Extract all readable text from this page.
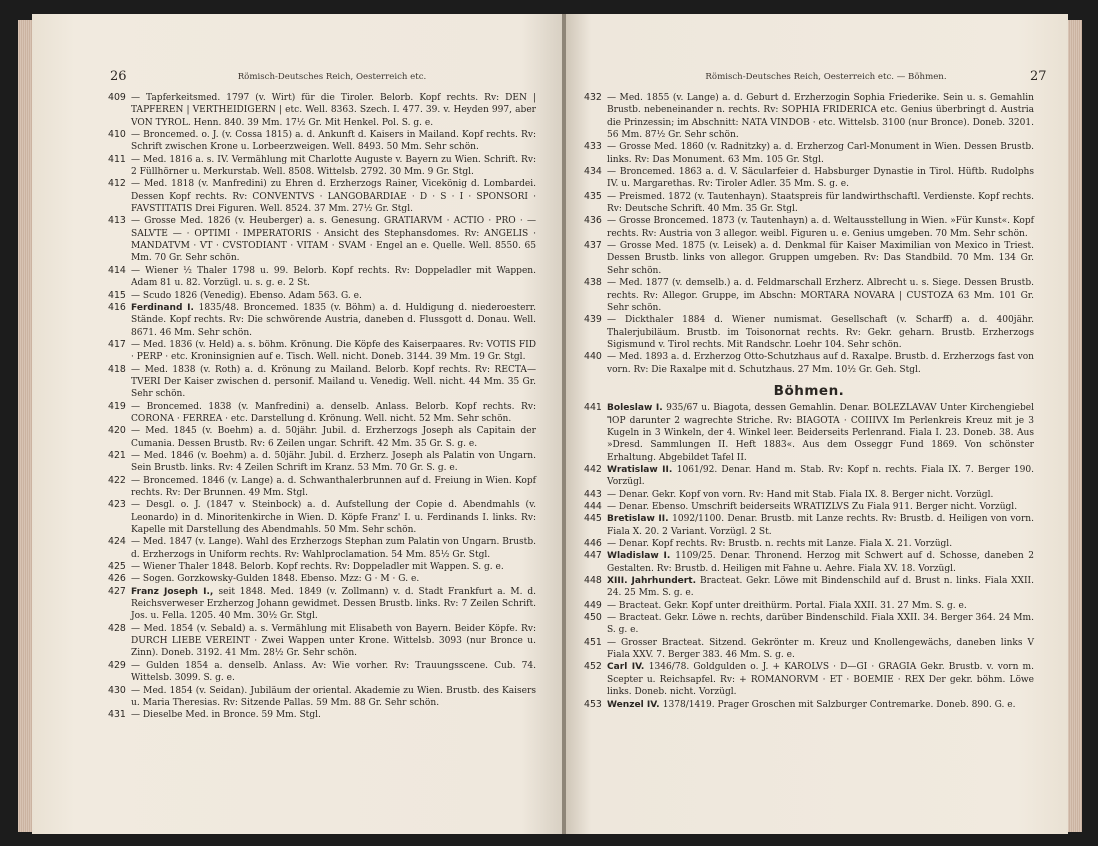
26	Römisch-Deutsches Reich, Oesterreich etc.
409 — Tapferkeitsmed. 1797 (v. Wirt) für die Tiroler. Belorb. Kopf rechts. Rv: DEN | TAPFEREN | VERTHEIDIGERN | etc. Well. 8363. Szech. I. 477. 39. v. Heyden 997, aber VON TYROL. Henn. 840. 39 Mm. 17½ Gr. Mit Henkel. Pol. S. g. e.
410 — Broncemed. o. J. (v. Cossa 1815) a. d. Ankunft d. Kaisers in Mailand. Kopf rechts. Rv: Schrift zwischen Krone u. Lorbeerzweigen. Well. 8493. 50 Mm. Sehr schön.
411 — Med. 1816 a. s. IV. Vermählung mit Charlotte Auguste v. Bayern zu Wien. Schrift. Rv: 2 Füllhörner u. Merkurstab. Well. 8508. Wittelsb. 2792. 30 Mm. 9 Gr. Stgl.
412 — Med. 1818 (v. Manfredini) zu Ehren d. Erzherzogs Rainer, Vicekönig d. Lombardei. Dessen Kopf rechts. Rv: CONVENTVS · LANGOBARDIAE · D · S · I · SPONSORI · FAVSTITATIS Drei Figuren. Well. 8524. 37 Mm. 27½ Gr. Stgl.
413 — Grosse Med. 1826 (v. Heuberger) a. s. Genesung. GRATIARVM · ACTIO · PRO · — SALVTE — · OPTIMI · IMPERATORIS · Ansicht des Stephansdomes. Rv: ANGELIS · MANDATVM · VT · CVSTODIANT · VITAM · SVAM · Engel an e. Quelle. Well. 8550. 65 Mm. 70 Gr. Sehr schön.
414 — Wiener ½ Thaler 1798 u. 99. Belorb. Kopf rechts. Rv: Doppeladler mit Wappen. Adam 81 u. 82. Vorzügl. u. s. g. e. 2 St.
415 — Scudo 1826 (Venedig). Ebenso. Adam 563. G. e.
416 Ferdinand I. 1835/48. Broncemed. 1835 (v. Böhm) a. d. Huldigung d. niederoesterr. Stände. Kopf rechts. Rv: Die schwörende Austria, daneben d. Flussgott d. Donau. Well. 8671. 46 Mm. Sehr schön.
417 — Med. 1836 (v. Held) a. s. böhm. Krönung. Die Köpfe des Kaiserpaares. Rv: VOTIS FID · PERP · etc. Kroninsignien auf e. Tisch. Well. nicht. Doneb. 3144. 39 Mm. 19 Gr. Stgl.
418 — Med. 1838 (v. Roth) a. d. Krönung zu Mailand. Belorb. Kopf rechts. Rv: RECTA— TVERI Der Kaiser zwischen d. personif. Mailand u. Venedig. Well. nicht. 44 Mm. 35 Gr. Sehr schön.
419 — Broncemed. 1838 (v. Manfredini) a. denselb. Anlass. Belorb. Kopf rechts. Rv: CORONA · FERREA · etc. Darstellung d. Krönung. Well. nicht. 52 Mm. Sehr schön.
420 — Med. 1845 (v. Boehm) a. d. 50jähr. Jubil. d. Erzherzogs Joseph als Capitain der Cumania. Dessen Brustb. Rv: 6 Zeilen ungar. Schrift. 42 Mm. 35 Gr. S. g. e.
421 — Med. 1846 (v. Boehm) a. d. 50jähr. Jubil. d. Erzherz. Joseph als Palatin von Ungarn. Sein Brustb. links. Rv: 4 Zeilen Schrift im Kranz. 53 Mm. 70 Gr. S. g. e.
422 — Broncemed. 1846 (v. Lange) a. d. Schwanthalerbrunnen auf d. Freiung in Wien. Kopf rechts. Rv: Der Brunnen. 49 Mm. Stgl.
423 — Desgl. o. J. (1847 v. Steinbock) a. d. Aufstellung der Copie d. Abendmahls (v. Leonardo) in d. Minoritenkirche in Wien. D. Köpfe Franz' I. u. Ferdinands I. links. Rv: Kapelle mit Darstellung des Abendmahls. 50 Mm. Sehr schön.
424 — Med. 1847 (v. Lange). Wahl des Erzherzogs Stephan zum Palatin von Ungarn. Brustb. d. Erzherzogs in Uniform rechts. Rv: Wahlproclamation. 54 Mm. 85½ Gr. Stgl.
425 — Wiener Thaler 1848. Belorb. Kopf rechts. Rv: Doppeladler mit Wappen. S. g. e.
426 — Sogen. Gorzkowsky-Gulden 1848. Ebenso. Mzz: G · M · G. e.
427 Franz Joseph I., seit 1848. Med. 1849 (v. Zollmann) v. d. Stadt Frankfurt a. M. d. Reichsverweser Erzherzog Johann gewidmet. Dessen Brustb. links. Rv: 7 Zeilen Schrift. Jos. u. Fella. 1205. 40 Mm. 30½ Gr. Stgl.
428 — Med. 1854 (v. Sebald) a. s. Vermählung mit Elisabeth von Bayern. Beider Köpfe. Rv: DURCH LIEBE VEREINT · Zwei Wappen unter Krone. Wittelsb. 3093 (nur Bronce u. Zinn). Doneb. 3192. 41 Mm. 28½ Gr. Sehr schön.
429 — Gulden 1854 a. denselb. Anlass. Av: Wie vorher. Rv: Trauungsscene. Cub. 74. Wittelsb. 3099. S. g. e.
430 — Med. 1854 (v. Seidan). Jubiläum der oriental. Akademie zu Wien. Brustb. des Kaisers u. Maria Theresias. Rv: Sitzende Pallas. 59 Mm. 88 Gr. Sehr schön.
431 — Dieselbe Med. in Bronce. 59 Mm. Stgl.
Römisch-Deutsches Reich, Oesterreich etc. — Böhmen.	27
432 — Med. 1855 (v. Lange) a. d. Geburt d. Erzherzogin Sophia Friederike. Sein u. s. Gemahlin Brustb. nebeneinander n. rechts. Rv: SOPHIA FRIDERICA etc. Genius überbringt d. Austria die Prinzessin; im Abschnitt: NATA VINDOB · etc. Wittelsb. 3100 (nur Bronce). Doneb. 3201. 56 Mm. 87½ Gr. Sehr schön.
433 — Grosse Med. 1860 (v. Radnitzky) a. d. Erzherzog Carl-Monument in Wien. Dessen Brustb. links. Rv: Das Monument. 63 Mm. 105 Gr. Stgl.
434 — Broncemed. 1863 a. d. V. Säcularfeier d. Habsburger Dynastie in Tirol. Hüftb. Rudolphs IV. u. Margarethas. Rv: Tiroler Adler. 35 Mm. S. g. e.
435 — Preismed. 1872 (v. Tautenhayn). Staatspreis für landwirthschaftl. Verdienste. Kopf rechts. Rv: Deutsche Schrift. 40 Mm. 35 Gr. Stgl.
436 — Grosse Broncemed. 1873 (v. Tautenhayn) a. d. Weltausstellung in Wien. »Für Kunst«. Kopf rechts. Rv: Austria von 3 allegor. weibl. Figuren u. e. Genius umgeben. 70 Mm. Sehr schön.
437 — Grosse Med. 1875 (v. Leisek) a. d. Denkmal für Kaiser Maximilian von Mexico in Triest. Dessen Brustb. links von allegor. Gruppen umgeben. Rv: Das Standbild. 70 Mm. 134 Gr. Sehr schön.
438 — Med. 1877 (v. demselb.) a. d. Feldmarschall Erzherz. Albrecht u. s. Siege. Dessen Brustb. rechts. Rv: Allegor. Gruppe, im Abschn: MORTARA NOVARA | CUSTOZA 63 Mm. 101 Gr. Sehr schön.
439 — Dickthaler 1884 d. Wiener numismat. Gesellschaft (v. Scharff) a. d. 400jähr. Thalerjubiläum. Brustb. im Toisonornat rechts. Rv: Gekr. geharn. Brustb. Erzherzogs Sigismund v. Tirol rechts. Mit Randschr. Loehr 104. Sehr schön.
440 — Med. 1893 a. d. Erzherzog Otto-Schutzhaus auf d. Raxalpe. Brustb. d. Erzherzogs fast von vorn. Rv: Die Raxalpe mit d. Schutzhaus. 27 Mm. 10½ Gr. Geh. Stgl.
Böhmen.
441 Boleslaw I. 935/67 u. Biagota, dessen Gemahlin. Denar. BOLEZLAVAV Unter Kirchengiebel ꓶOP darunter 2 wagrechte Striche. Rv: BIAGOTA · COIIIVX Im Perlenkreis Kreuz mit je 3 Kugeln in 3 Winkeln, der 4. Winkel leer. Beiderseits Perlenrand. Fiala I. 23. Doneb. 38. Aus »Dresd. Sammlungen II. Heft 1883«. Aus dem Osseggr Fund 1869. Von schönster Erhaltung. Abgebildet Tafel II.
442 Wratislaw II. 1061/92. Denar. Hand m. Stab. Rv: Kopf n. rechts. Fiala IX. 7. Berger 190. Vorzügl.
443 — Denar. Gekr. Kopf von vorn. Rv: Hand mit Stab. Fiala IX. 8. Berger nicht. Vorzügl.
444 — Denar. Ebenso. Umschrift beiderseits WRATIZLVS Zu Fiala 911. Berger nicht. Vorzügl.
445 Bretislaw II. 1092/1100. Denar. Brustb. mit Lanze rechts. Rv: Brustb. d. Heiligen von vorn. Fiala X. 20. 2 Variant. Vorzügl. 2 St.
446 — Denar. Kopf rechts. Rv: Brustb. n. rechts mit Lanze. Fiala X. 21. Vorzügl.
447 Wladislaw I. 1109/25. Denar. Thronend. Herzog mit Schwert auf d. Schosse, daneben 2 Gestalten. Rv: Brustb. d. Heiligen mit Fahne u. Aehre. Fiala XV. 18. Vorzügl.
448 XIII. Jahrhundert. Bracteat. Gekr. Löwe mit Bindenschild auf d. Brust n. links. Fiala XXII. 24. 25 Mm. S. g. e.
449 — Bracteat. Gekr. Kopf unter dreithürm. Portal. Fiala XXII. 31. 27 Mm. S. g. e.
450 — Bracteat. Gekr. Löwe n. rechts, darüber Bindenschild. Fiala XXII. 34. Berger 364. 24 Mm. S. g. e.
451 — Grosser Bracteat. Sitzend. Gekrönter m. Kreuz und Knollengewächs, daneben links V Fiala XXV. 7. Berger 383. 46 Mm. S. g. e.
452 Carl IV. 1346/78. Goldgulden o. J. + KAROLVS · D—GI · GRAGIA Gekr. Brustb. v. vorn m. Scepter u. Reichsapfel. Rv: + ROMANORVM · ET · BOEMIE · REX Der gekr. böhm. Löwe links. Doneb. nicht. Vorzügl.
453 Wenzel IV. 1378/1419. Prager Groschen mit Salzburger Contremarke. Doneb. 890. G. e.
